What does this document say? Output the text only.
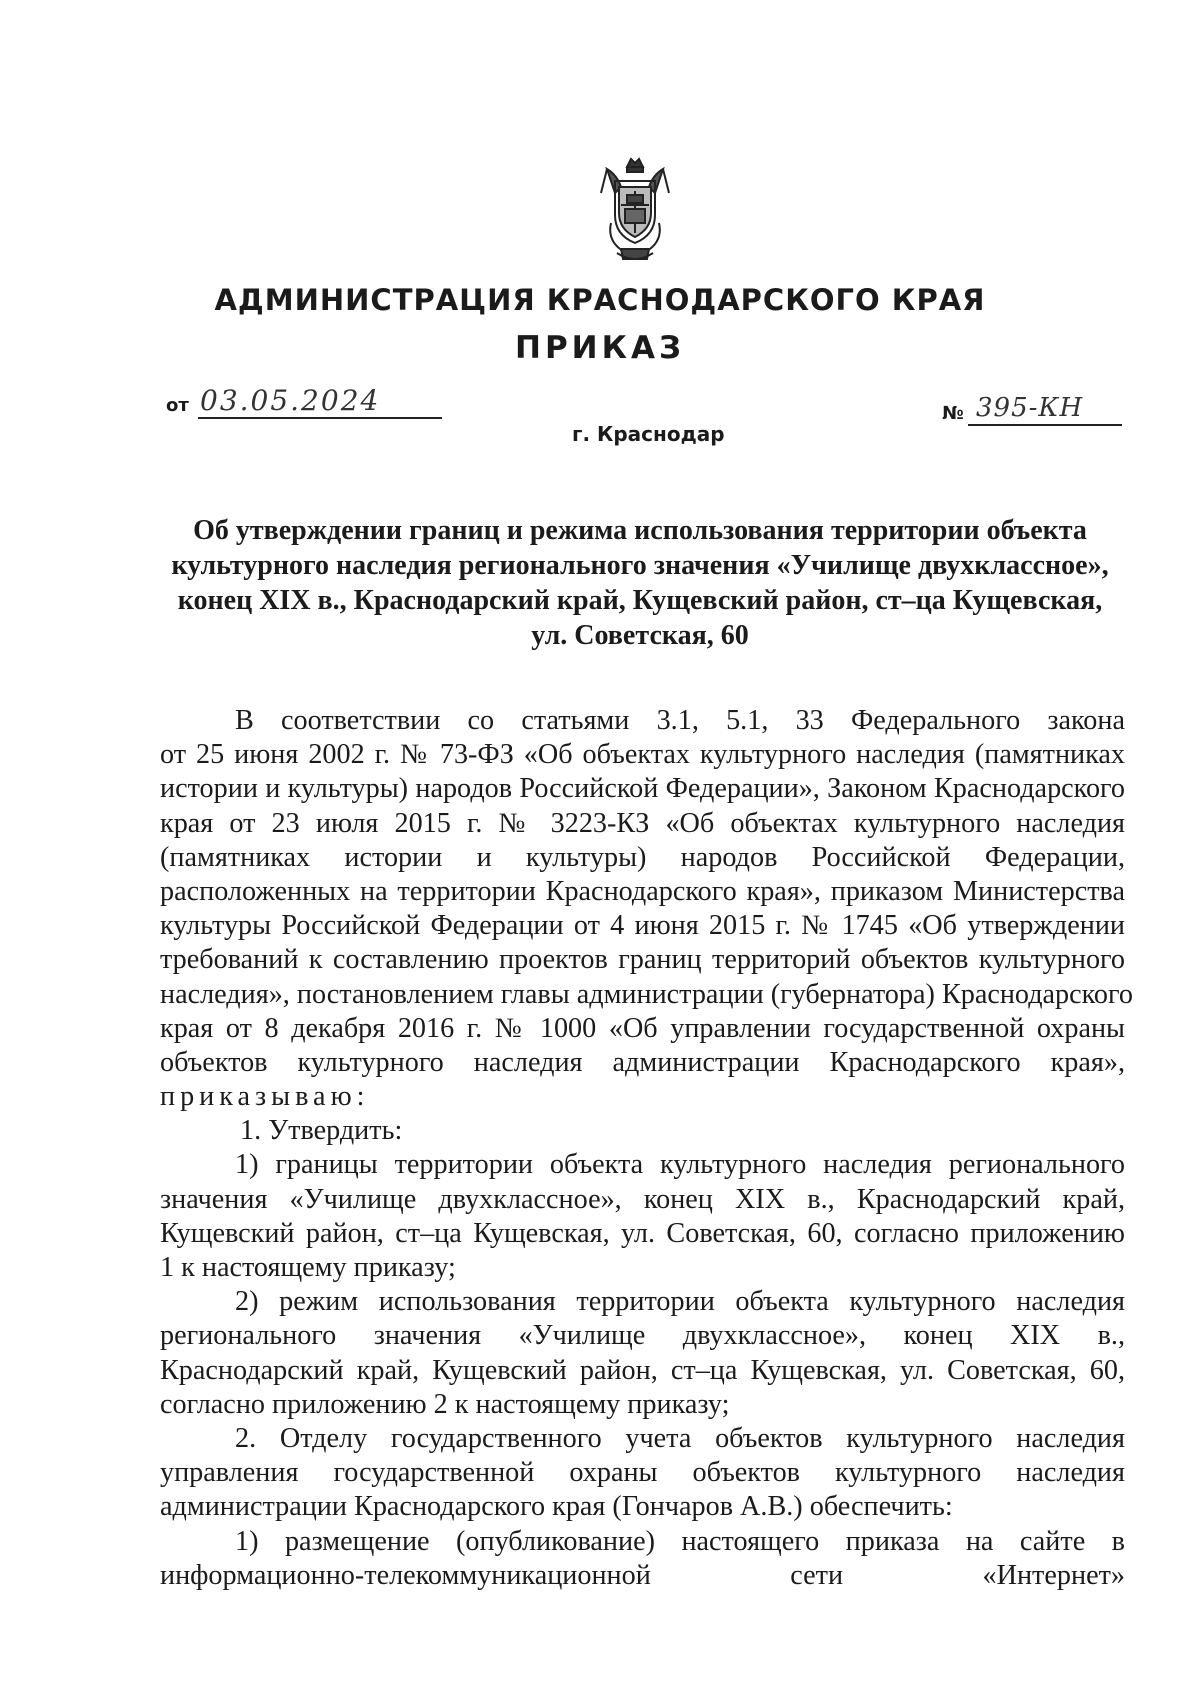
АДМИНИСТРАЦИЯ КРАСНОДАРСКОГО КРАЯ
ПРИКАЗ
от 03.05.2024
г. Краснодар
№ 395-КН
Об утверждении границ и режима использования территории объекта
культурного наследия регионального значения «Училище двухклассное»,
конец XIX в., Краснодарский край, Кущевский район, ст–ца Кущевская,
ул. Советская, 60
В соответствии со статьями 3.1, 5.1, 33 Федерального закона
от 25 июня 2002 г. № 73-ФЗ «Об объектах культурного наследия (памятниках
истории и культуры) народов Российской Федерации», Законом Краснодарского
края от 23 июля 2015 г. № 3223-КЗ «Об объектах культурного наследия
(памятниках истории и культуры) народов Российской Федерации,
расположенных на территории Краснодарского края», приказом Министерства
культуры Российской Федерации от 4 июня 2015 г. № 1745 «Об утверждении
требований к составлению проектов границ территорий объектов культурного
наследия», постановлением главы администрации (губернатора) Краснодарского
края от 8 декабря 2016 г. № 1000 «Об управлении государственной охраны
объектов культурного наследия администрации Краснодарского края»,
приказываю:
1. Утвердить:
1) границы территории объекта культурного наследия регионального
значения «Училище двухклассное», конец XIX в., Краснодарский край,
Кущевский район, ст–ца Кущевская, ул. Советская, 60, согласно приложению
1 к настоящему приказу;
2) режим использования территории объекта культурного наследия
регионального значения «Училище двухклассное», конец XIX в.,
Краснодарский край, Кущевский район, ст–ца Кущевская, ул. Советская, 60,
согласно приложению 2 к настоящему приказу;
2. Отделу государственного учета объектов культурного наследия
управления государственной охраны объектов культурного наследия
администрации Краснодарского края (Гончаров А.В.) обеспечить:
1) размещение (опубликование) настоящего приказа на сайте в
информационно-телекоммуникационной сети «Интернет»
